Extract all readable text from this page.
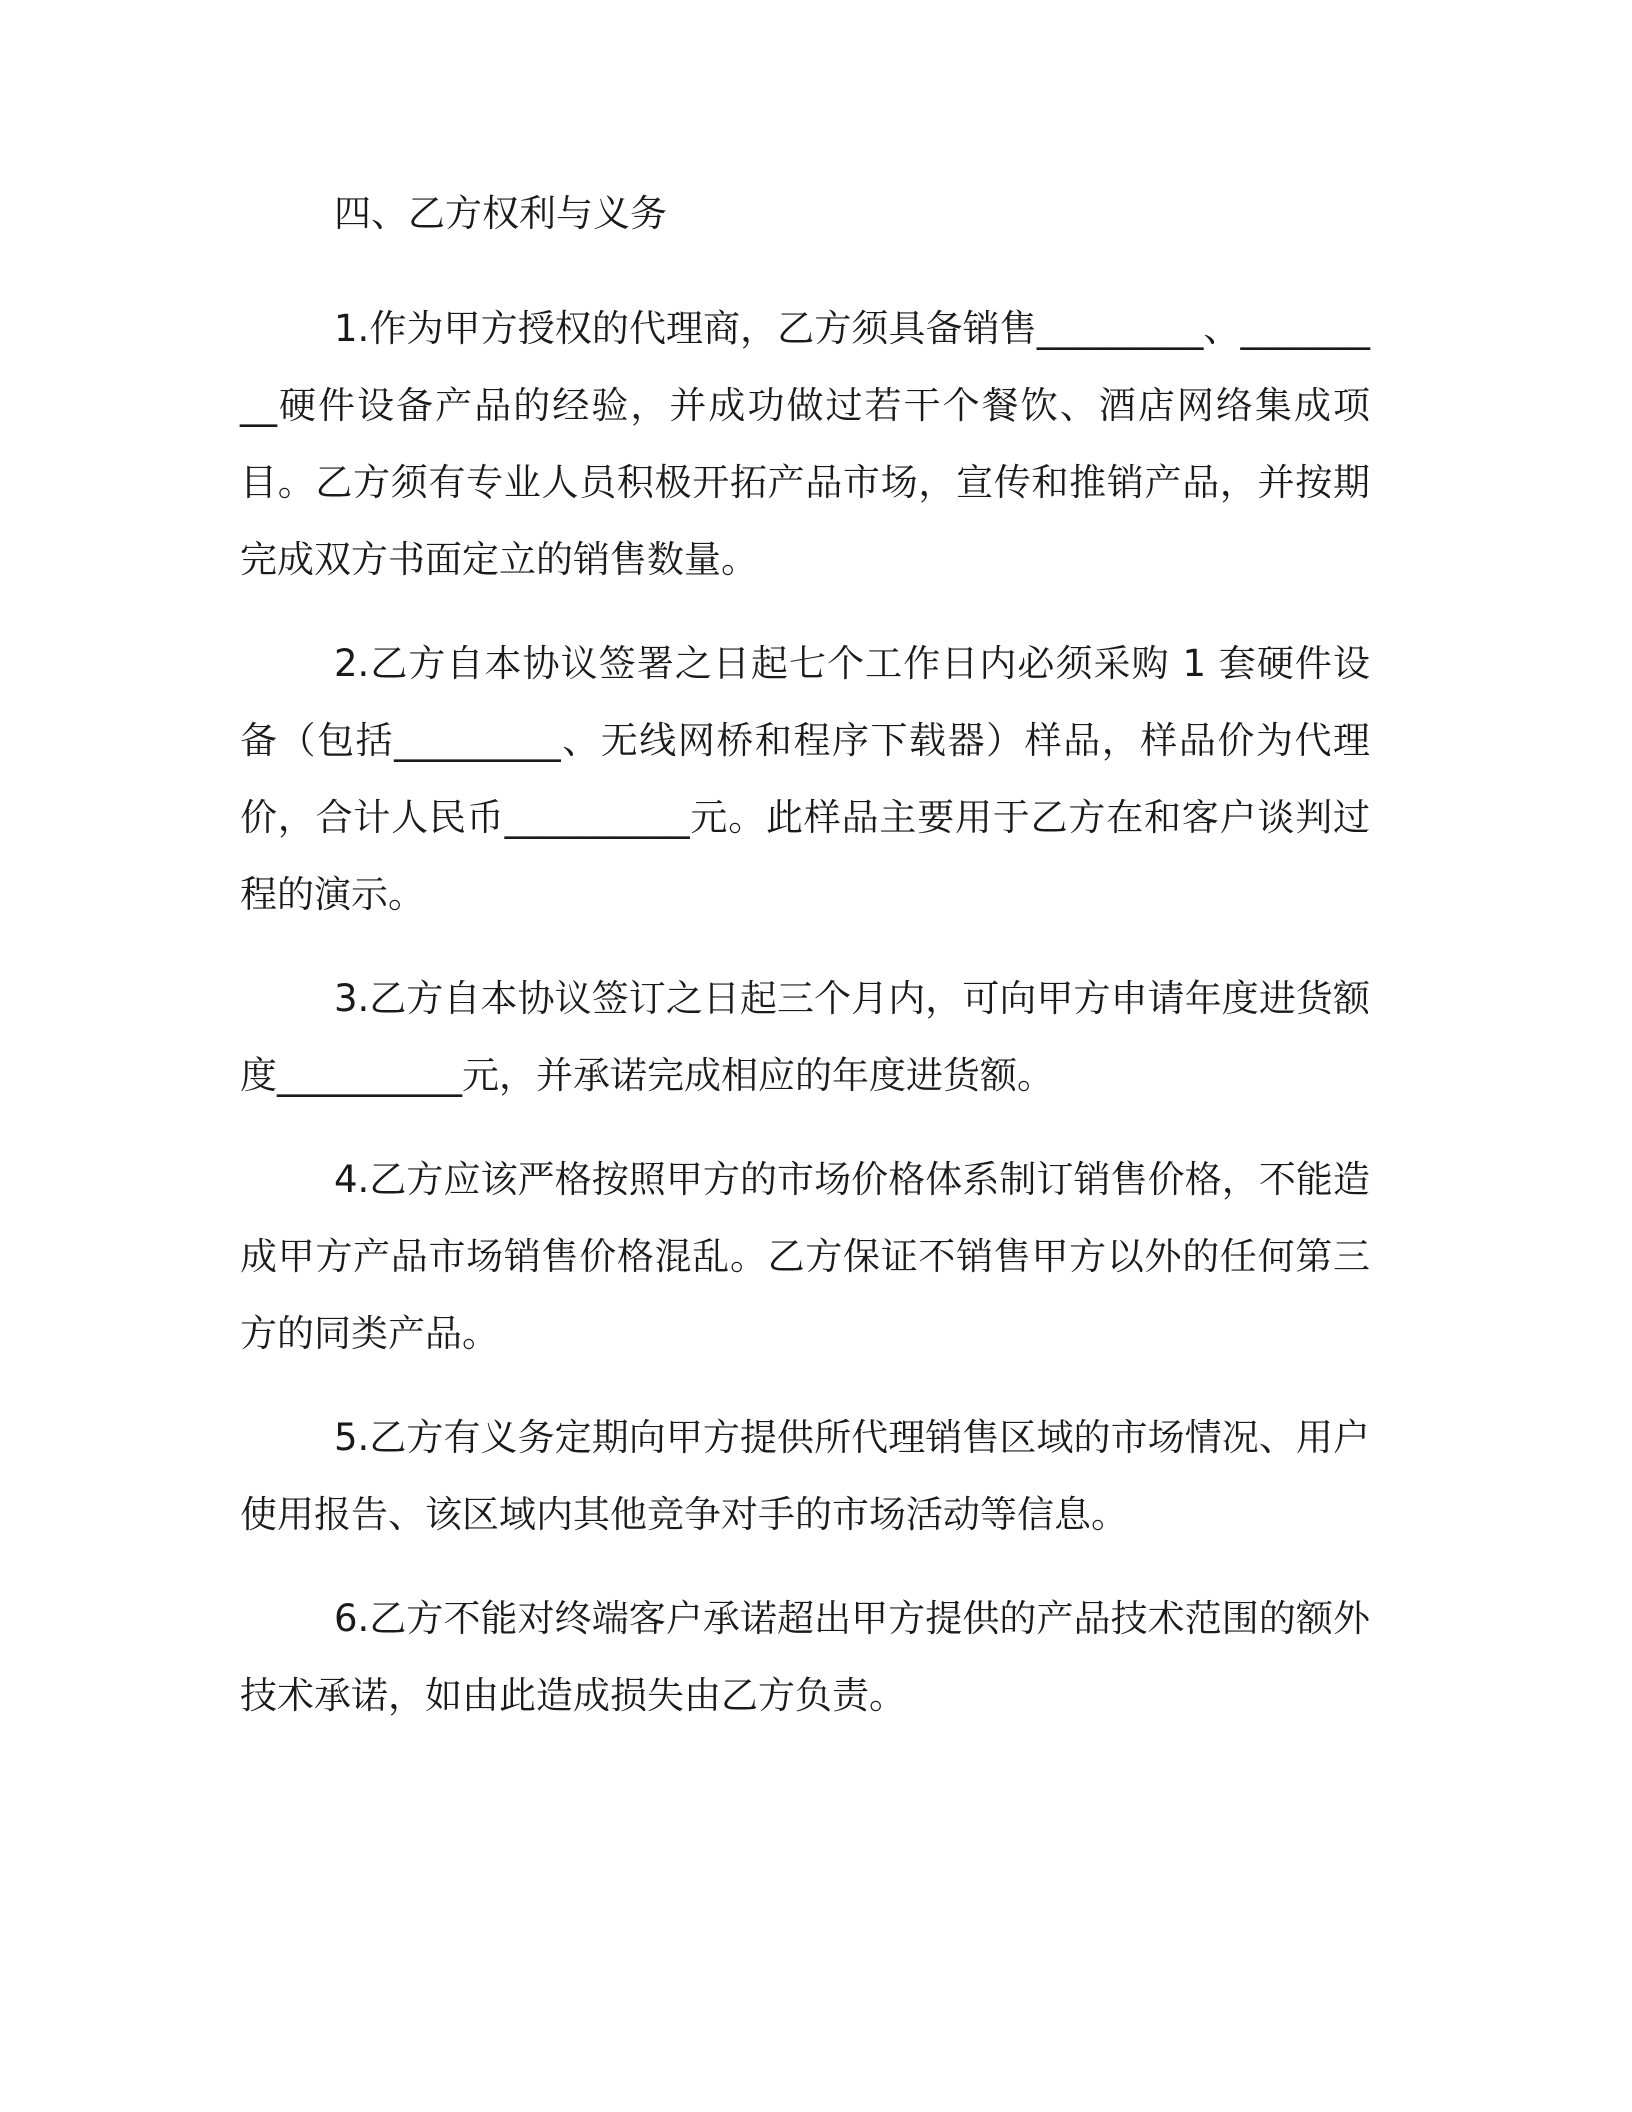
四、乙方权利与义务

1.作为甲方授权的代理商，乙方须具备销售_________、_________硬件设备产品的经验，并成功做过若干个餐饮、酒店网络集成项目。乙方须有专业人员积极开拓产品市场，宣传和推销产品，并按期完成双方书面定立的销售数量。

2.乙方自本协议签署之日起七个工作日内必须采购 1 套硬件设备（包括_________、无线网桥和程序下载器）样品，样品价为代理价，合计人民币__________元。此样品主要用于乙方在和客户谈判过程的演示。

3.乙方自本协议签订之日起三个月内，可向甲方申请年度进货额度__________元，并承诺完成相应的年度进货额。

4.乙方应该严格按照甲方的市场价格体系制订销售价格，不能造成甲方产品市场销售价格混乱。乙方保证不销售甲方以外的任何第三方的同类产品。

5.乙方有义务定期向甲方提供所代理销售区域的市场情况、用户使用报告、该区域内其他竞争对手的市场活动等信息。

6.乙方不能对终端客户承诺超出甲方提供的产品技术范围的额外技术承诺，如由此造成损失由乙方负责。
